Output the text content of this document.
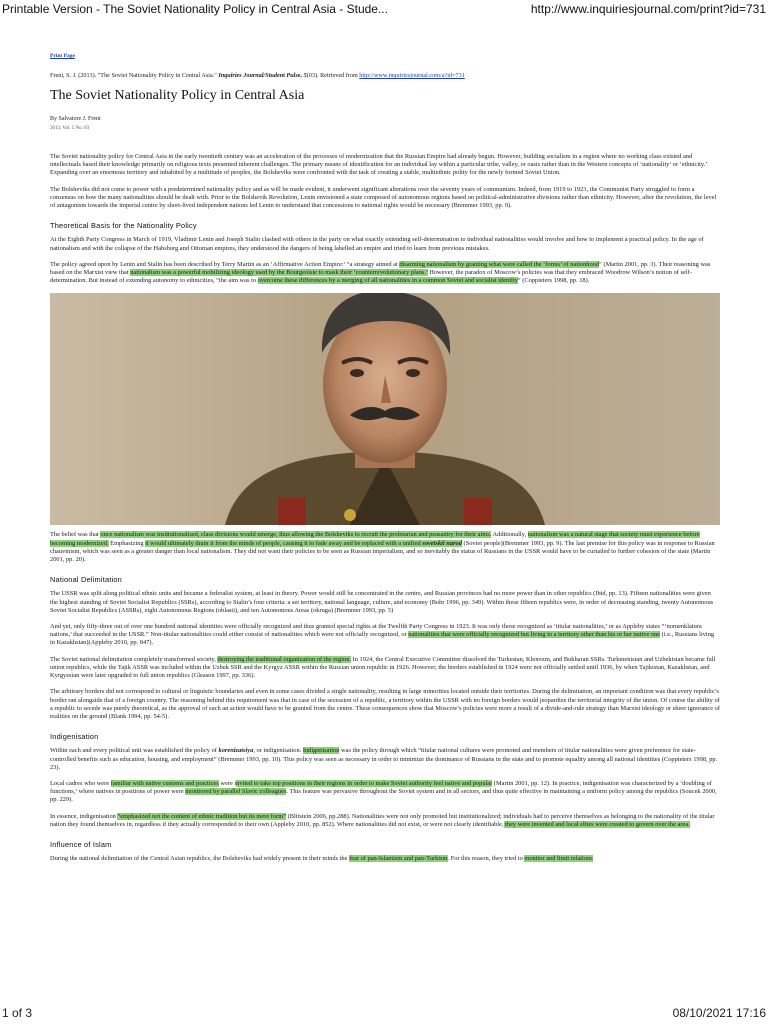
Printable Version - The Soviet Nationality Policy in Central Asia - Stude...	http://www.inquiriesjournal.com/print?id=731
Print Page
Freni, S. J. (2013). "The Soviet Nationality Policy in Central Asia." Inquiries Journal/Student Pulse, 5(03). Retrieved from http://www.inquiriesjournal.com/a?id=731
The Soviet Nationality Policy in Central Asia
By Salvatore J. Freni
2013, Vol. 5 No. 03

The Soviet nationality policy for Central Asia in the early twentieth century was an acceleration of the processes of modernization that the Russian Empire had already begun. However, building socialism in a region where no working class existed and intellectuals based their knowledge primarily on religious texts presented inherent challenges. The primary means of identification for an individual lay within a particular tribe, valley, or oasis rather than in the Western concepts of ‘nationality’ or ‘ethnicity.’ Expanding over an enormous territory and inhabited by a multitude of peoples, the Bolsheviks were confronted with the task of creating a stable, multiethnic polity for the newly formed Soviet Union.

The Bolsheviks did not come to power with a predetermined nationality policy and as will be made evident, it underwent significant alterations over the seventy years of communism. Indeed, from 1919 to 1923, the Communist Party struggled to form a consensus on how the many nationalities should be dealt with. Prior to the Bolshevik Revolution, Lenin envisioned a state composed of autonomous regions based on political-administrative divisions rather than ethnicity. However, after the revolution, the level of antagonism towards the imperial centre by short-lived independent nations led Lenin to understand that concessions to national rights would be necessary (Bremmer 1993, pp. 9).

Theoretical Basis for the Nationality Policy

At the Eighth Party Congress in March of 1919, Vladimir Lenin and Joseph Stalin clashed with others in the party on what exactly extending self-determination to individual nationalities would involve and how to implement a practical policy. In the age of nationalism and with the collapse of the Habsburg and Ottoman empires, they understood the dangers of being labelled an empire and tried to learn from previous mistakes.

The policy agreed upon by Lenin and Stalin has been described by Terry Martin as an ‘Affirmative Action Empire:’ “a strategy aimed at disarming nationalism by granting what were called the ‘forms’ of nationhood” (Martin 2001, pp. 3). Their reasoning was based on the Marxist view that nationalism was a powerful mobilizing ideology used by the Bourgeoisie to mask their ‘counterrevolutionary plans.’ However, the paradox of Moscow’s policies was that they embraced Woodrow Wilson’s notion of self-determination. But instead of extending autonomy to ethnicities, “the aim was to overcome these differences by a merging of all nationalities in a common Soviet and socialist identity” (Coppieters 1998, pp. 18).

The belief was that once nationalism was institutionalised, class divisions would emerge, thus allowing the Bolsheviks to recruit the proletarian and peasantry for their aims. Additionally, nationalism was a natural stage that society must experience before becoming modernized. Emphasizing it would ultimately drain it from the minds of people, causing it to fade away and be replaced with a unified sovetskii narod (Soviet people)(Bremmer 1993, pp. 9). The last premise for this policy was in response to Russian chauvinism, which was seen as a greater danger than local nationalism. They did not want their policies to be seen as Russian imperialism, and so inevitably the status of Russians in the USSR would have to be curtailed to further cohesion of the state (Martin 2001, pp. 20).

National Delimitation

The USSR was split along political ethnic units and became a federalist system, at least in theory. Power would still be concentrated in the centre, and Russian provinces had no more power than in other republics (Ibid, pp. 13). Fifteen nationalities were given the highest standing of Soviet Socialist Republics (SSRs), according to Stalin’s four criteria: a set territory, national language, culture, and economy (Bohr 1996, pp. 349). Within these fifteen republics were, in order of decreasing standing, twenty Autonomous Soviet Socialist Republics (ASSRs), eight Autonomous Regions (oblasti), and ten Autonomous Areas (okruga) (Bremmer 1993, pp. 5)

And yet, only fifty-three out of over one hundred national identities were officially recognized and thus granted special rights at the Twelfth Party Congress in 1923. It was only those recognized as ‘titular nationalities,’ or as Appleby states “‘nomenklatura nations,’ that succeeded in the USSR.” Non-titular nationalities could either consist of nationalities which were not officially recognized, or nationalities that were officially recognized but living in a territory other than his or her native one (i.e., Russians living in Kazakhstan)(Appleby 2010, pp. 847).

The Soviet national delimitation completely transformed society, destroying the traditional organization of the region. In 1924, the Central Executive Committee dissolved the Turkestan, Khorezm, and Bukharan SSRs. Turkmenistan and Uzbekistan became full union republics, while the Tajik ASSR was included within the Uzbek SSR and the Kyrgyz ASSR within the Russian union republic in 1926. However, the borders established in 1924 were not officially settled until 1936, by when Tajikistan, Kazakhstan, and Kyrgyzstan were later upgraded to full union republics (Gleason 1997, pp. 336).

The arbitrary borders did not correspond to cultural or linguistic boundaries and even in some cases divided a single nationality, resulting in large minorities located outside their territories. During the delimitation, an important condition was that every republic’s border ran alongside that of a foreign country. The reasoning behind this requirement was that in case of the secession of a republic, a territory within the USSR with no foreign borders would jeopardize the territorial integrity of the union. Of course the ability of a republic to secede was purely theoretical, as the approval of such an action would have to be granted from the centre. These consequences show that Moscow’s policies were more a result of a divide-and-rule strategy than Marxist ideology or sheer ignorance of realities on the ground (Blank 1994, pp. 54-5).

Indigenisation

Within each and every political unit was established the policy of korenizatsiya, or indigenisation. Indigenisation was the policy through which “titular national cultures were promoted and members of titular nationalities were given preference for state-controlled benefits such as education, housing, and employment” (Bremmer 1993, pp. 10). This policy was seen as necessary in order to minimize the dominance of Russians in the state and to promote equality among all national identities (Coppieters 1998, pp. 23).

Local cadres who were familiar with native customs and practices were invited to take top positions in their regions in order to make Soviet authority feel native and popular (Martin 2001, pp. 12). In practice, indigenisation was characterized by a ‘doubling of functions,’ where natives in positions of power were monitored by parallel Slavic colleagues. This feature was pervasive throughout the Soviet system and in all sectors, and thus quite effective in maintaining a uniform policy among the republics (Soucek 2000, pp. 229).

In essence, indigenisation “emphasized not the content of ethnic tradition but its mere form” (Blitstein 2006, pp.288). Nationalities were not only promoted but institutionalized; individuals had to perceive themselves as belonging to the nationality of the titular nation they found themselves in, regardless if they actually corresponded to their own (Appleby 2010, pp. 852). Where nationalities did not exist, or were not clearly identifiable, they were invented and local elites were created to govern over the area.

Influence of Islam

During the national delimitation of the Central Asian republics, the Bolsheviks had widely present in their minds the fear of pan-Islamism and pan-Turkism. For this reason, they tried to monitor and limit relations

1 of 3	08/10/2021 17:16
